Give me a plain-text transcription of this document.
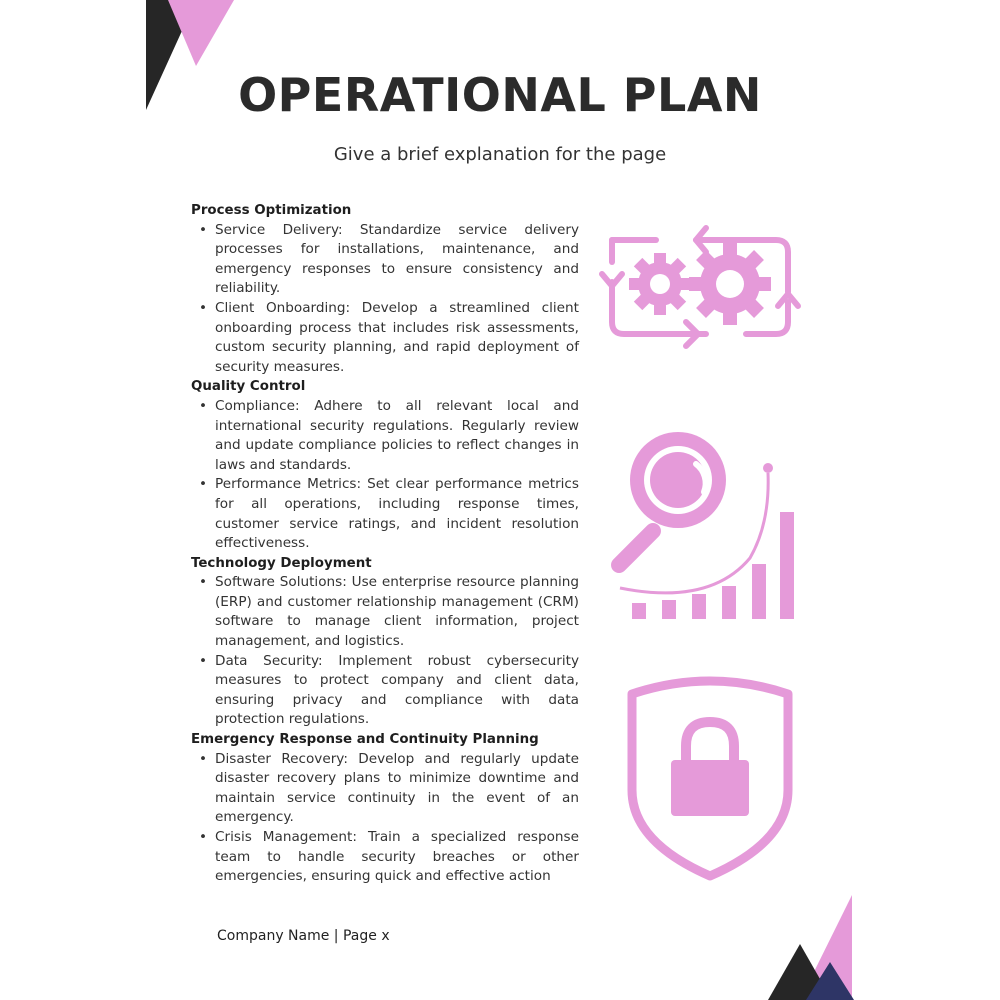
OPERATIONAL PLAN

Give a brief explanation for the page

Process Optimization

• Service Delivery: Standardize service delivery processes for installations, maintenance, and emergency responses to ensure consistency and reliability.
• Client Onboarding: Develop a streamlined client onboarding process that includes risk assessments, custom security planning, and rapid deployment of security measures.

Quality Control

• Compliance: Adhere to all relevant local and international security regulations. Regularly review and update compliance policies to reflect changes in laws and standards.
• Performance Metrics: Set clear performance metrics for all operations, including response times, customer service ratings, and incident resolution effectiveness.

Technology Deployment

• Software Solutions: Use enterprise resource planning (ERP) and customer relationship management (CRM) software to manage client information, project management, and logistics.
• Data Security: Implement robust cybersecurity measures to protect company and client data, ensuring privacy and compliance with data protection regulations.

Emergency Response and Continuity Planning

• Disaster Recovery: Develop and regularly update disaster recovery plans to minimize downtime and maintain service continuity in the event of an emergency.
• Crisis Management: Train a specialized response team to handle security breaches or other emergencies, ensuring quick and effective action
Company Name | Page x
